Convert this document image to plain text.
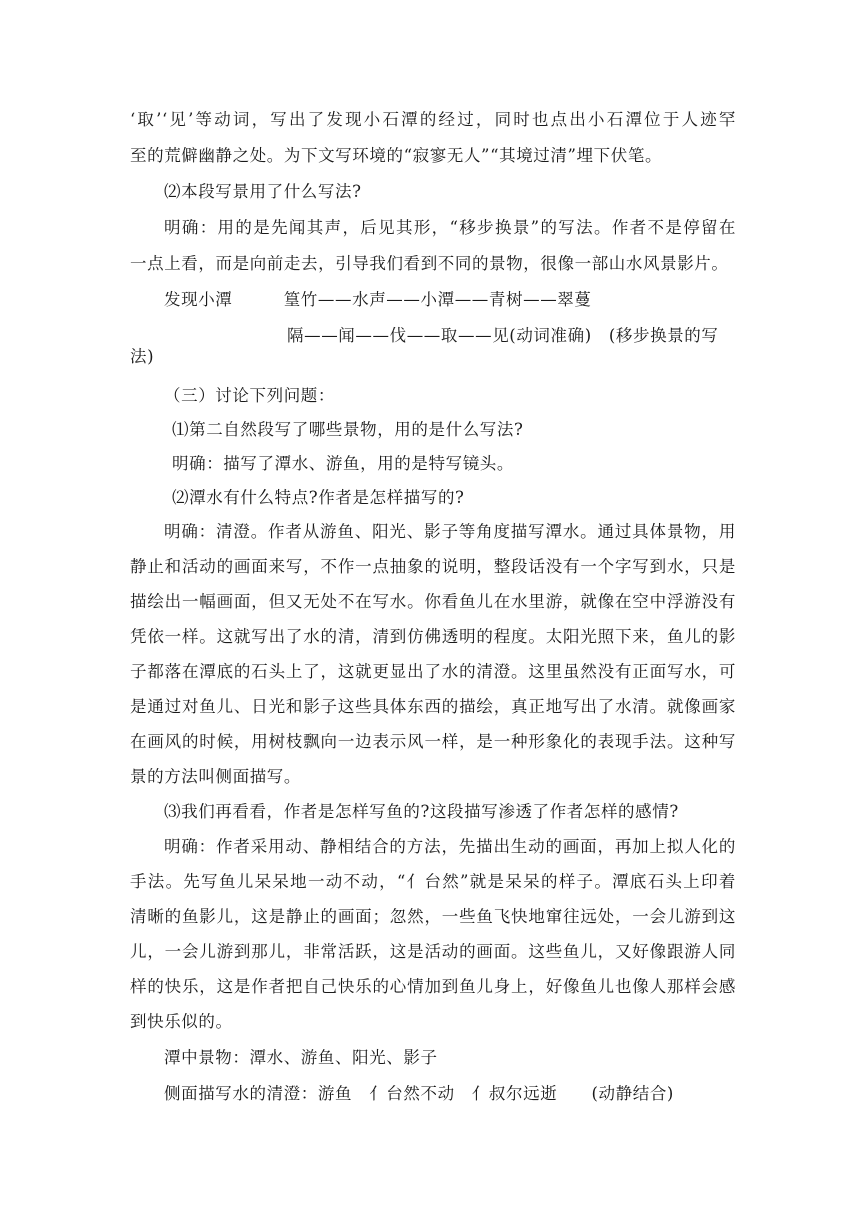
‘取’‘见’等动词，写出了发现小石潭的经过，同时也点出小石潭位于人迹罕
至的荒僻幽静之处。为下文写环境的“寂寥无人”“其境过清”埋下伏笔。
⑵本段写景用了什么写法?
明确：用的是先闻其声，后见其形，“移步换景”的写法。作者不是停留在
一点上看，而是向前走去，引导我们看到不同的景物，很像一部山水风景影片。
发现小潭　　　篁竹——水声——小潭——青树——翠蔓
隔——闻——伐——取——见(动词准确)　(移步换景的写
法)
（三）讨论下列问题：
⑴第二自然段写了哪些景物，用的是什么写法?
明确：描写了潭水、游鱼，用的是特写镜头。
⑵潭水有什么特点?作者是怎样描写的?
明确：清澄。作者从游鱼、阳光、影子等角度描写潭水。通过具体景物，用
静止和活动的画面来写，不作一点抽象的说明，整段话没有一个字写到水，只是
描绘出一幅画面，但又无处不在写水。你看鱼儿在水里游，就像在空中浮游没有
凭依一样。这就写出了水的清，清到仿佛透明的程度。太阳光照下来，鱼儿的影
子都落在潭底的石头上了，这就更显出了水的清澄。这里虽然没有正面写水，可
是通过对鱼儿、日光和影子这些具体东西的描绘，真正地写出了水清。就像画家
在画风的时候，用树枝飘向一边表示风一样，是一种形象化的表现手法。这种写
景的方法叫侧面描写。
⑶我们再看看，作者是怎样写鱼的?这段描写渗透了作者怎样的感情?
明确：作者采用动、静相结合的方法，先描出生动的画面，再加上拟人化的
手法。先写鱼儿呆呆地一动不动，“亻台然”就是呆呆的样子。潭底石头上印着
清晰的鱼影儿，这是静止的画面；忽然，一些鱼飞快地窜往远处，一会儿游到这
儿，一会儿游到那儿，非常活跃，这是活动的画面。这些鱼儿，又好像跟游人同
样的快乐，这是作者把自己快乐的心情加到鱼儿身上，好像鱼儿也像人那样会感
到快乐似的。
潭中景物：潭水、游鱼、阳光、影子
侧面描写水的清澄：游鱼　亻台然不动　亻叔尔远逝　　(动静结合)
